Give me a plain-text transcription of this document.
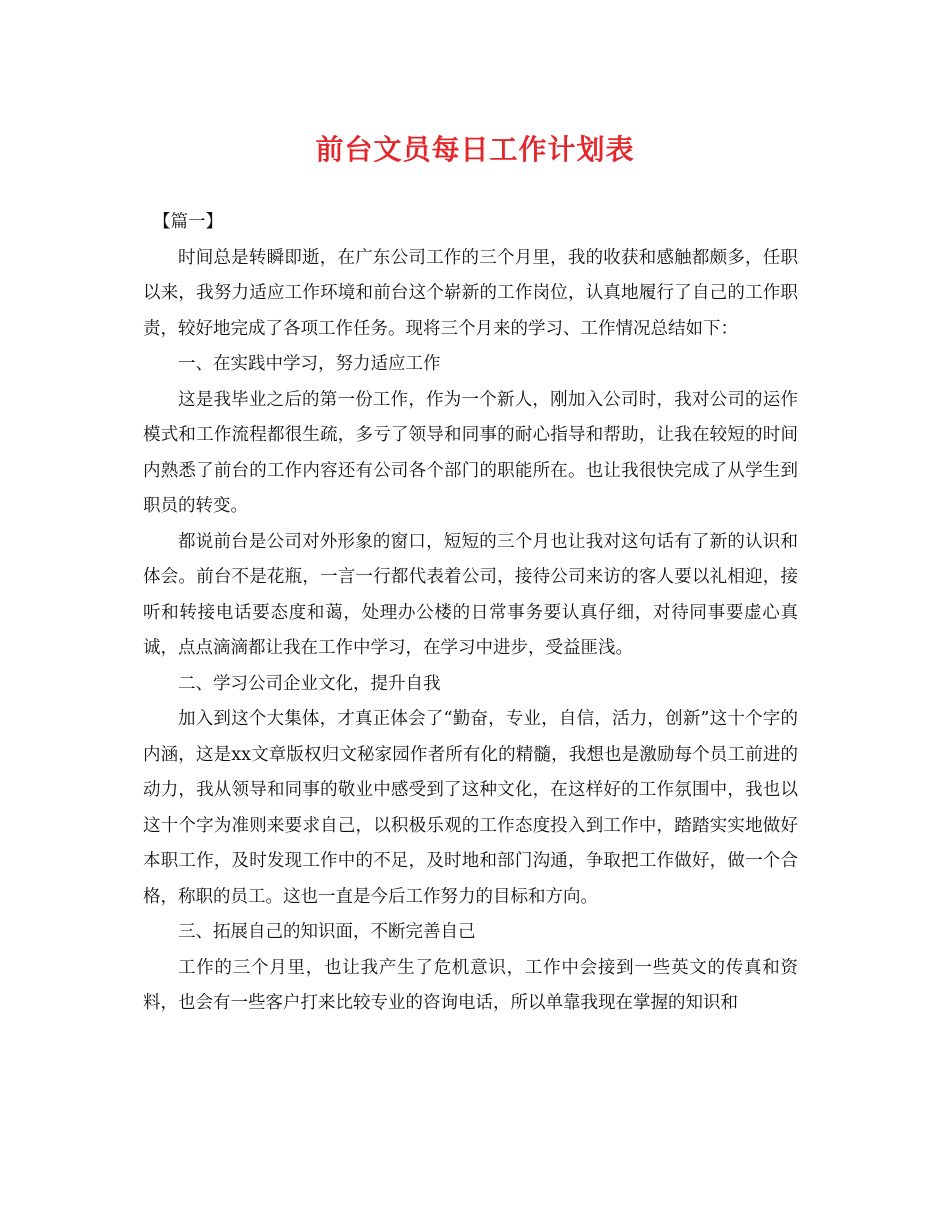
前台文员每日工作计划表

【篇一】

时间总是转瞬即逝，在广东公司工作的三个月里，我的收获和感触都颇多，任职以来，我努力适应工作环境和前台这个崭新的工作岗位，认真地履行了自己的工作职责，较好地完成了各项工作任务。现将三个月来的学习、工作情况总结如下：

一、在实践中学习，努力适应工作

这是我毕业之后的第一份工作，作为一个新人，刚加入公司时，我对公司的运作模式和工作流程都很生疏，多亏了领导和同事的耐心指导和帮助，让我在较短的时间内熟悉了前台的工作内容还有公司各个部门的职能所在。也让我很快完成了从学生到职员的转变。

都说前台是公司对外形象的窗口，短短的三个月也让我对这句话有了新的认识和体会。前台不是花瓶，一言一行都代表着公司，接待公司来访的客人要以礼相迎，接听和转接电话要态度和蔼，处理办公楼的日常事务要认真仔细，对待同事要虚心真诚，点点滴滴都让我在工作中学习，在学习中进步，受益匪浅。

二、学习公司企业文化，提升自我

加入到这个大集体，才真正体会了“勤奋，专业，自信，活力，创新”这十个字的内涵，这是xx文章版权归文秘家园作者所有化的精髓，我想也是激励每个员工前进的动力，我从领导和同事的敬业中感受到了这种文化，在这样好的工作氛围中，我也以这十个字为准则来要求自己，以积极乐观的工作态度投入到工作中，踏踏实实地做好本职工作，及时发现工作中的不足，及时地和部门沟通，争取把工作做好，做一个合格，称职的员工。这也一直是今后工作努力的目标和方向。

三、拓展自己的知识面，不断完善自己

工作的三个月里，也让我产生了危机意识，工作中会接到一些英文的传真和资料，也会有一些客户打来比较专业的咨询电话，所以单靠我现在掌握的知识和
